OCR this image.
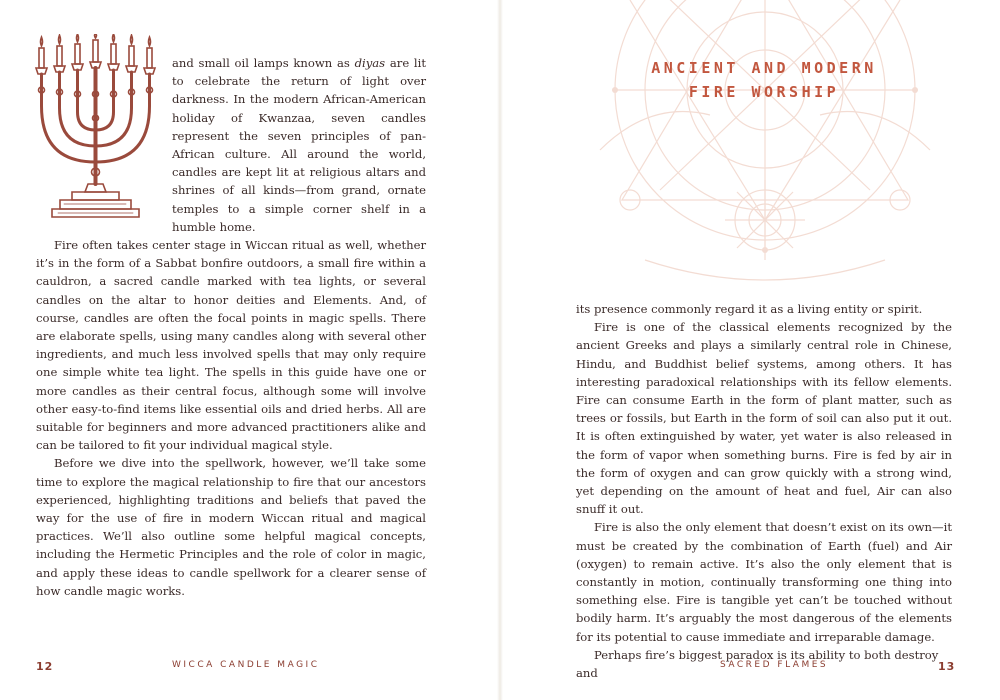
and small oil lamps known as diyas are lit to celebrate the return of light over darkness. In the modern African-American holiday of Kwanzaa, seven candles represent the seven principles of pan-African culture. All around the world, candles are kept lit at religious altars and shrines of all kinds—from grand, ornate temples to a simple corner shelf in a humble home.

Fire often takes center stage in Wiccan ritual as well, whether it’s in the form of a Sabbat bonfire outdoors, a small fire within a cauldron, a sacred candle marked with tea lights, or several candles on the altar to honor deities and Elements. And, of course, candles are often the focal points in magic spells. There are elaborate spells, using many candles along with several other ingredients, and much less involved spells that may only require one simple white tea light. The spells in this guide have one or more candles as their central focus, although some will involve other easy-to-find items like essential oils and dried herbs. All are suitable for beginners and more advanced practitioners alike and can be tailored to fit your individual magical style.

Before we dive into the spellwork, however, we’ll take some time to explore the magical relationship to fire that our ancestors experienced, highlighting traditions and beliefs that paved the way for the use of fire in modern Wiccan ritual and magical practices. We’ll also outline some helpful magical concepts, including the Hermetic Principles and the role of color in magic, and apply these ideas to candle spellwork for a clearer sense of how candle magic works.

12	WICCA CANDLE MAGIC
ANCIENT AND MODERN
FIRE WORSHIP

its presence commonly regard it as a living entity or spirit.

Fire is one of the classical elements recognized by the ancient Greeks and plays a similarly central role in Chinese, Hindu, and Buddhist belief systems, among others. It has interesting paradoxical relationships with its fellow elements. Fire can consume Earth in the form of plant matter, such as trees or fossils, but Earth in the form of soil can also put it out. It is often extinguished by water, yet water is also released in the form of vapor when something burns. Fire is fed by air in the form of oxygen and can grow quickly with a strong wind, yet depending on the amount of heat and fuel, Air can also snuff it out.

Fire is also the only element that doesn’t exist on its own—it must be created by the combination of Earth (fuel) and Air (oxygen) to remain active. It’s also the only element that is constantly in motion, continually transforming one thing into something else. Fire is tangible yet can’t be touched without bodily harm. It’s arguably the most dangerous of the elements for its potential to cause immediate and irreparable damage.

Perhaps fire’s biggest paradox is its ability to both destroy and

SACRED FLAMES	13
